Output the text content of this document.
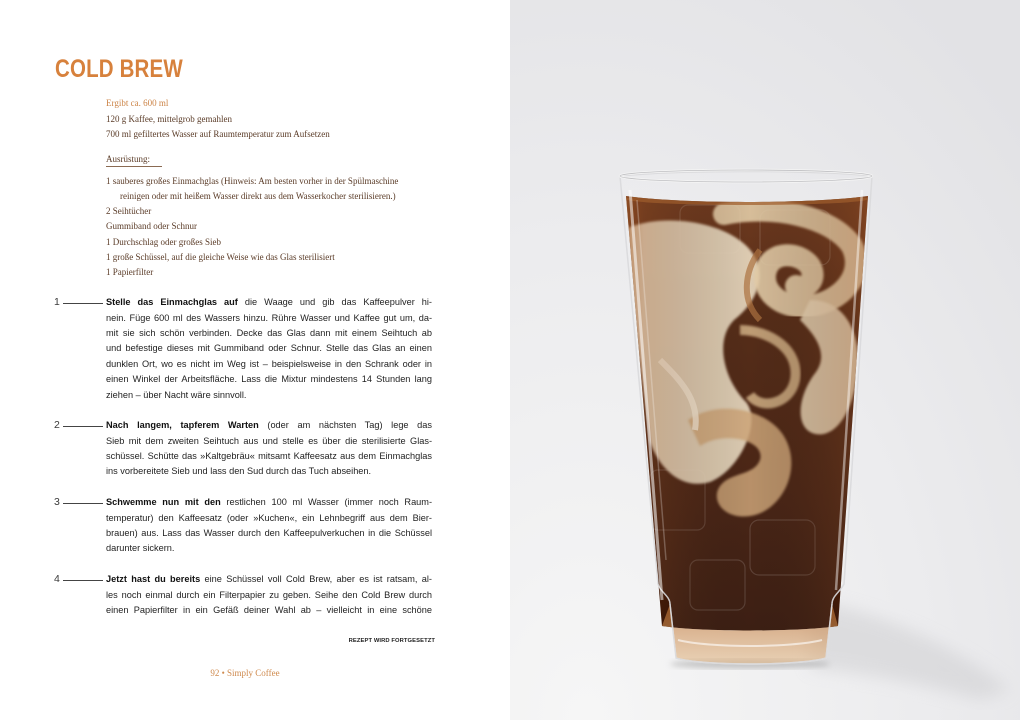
COLD BREW
Ergibt ca. 600 ml
120 g Kaffee, mittelgrob gemahlen
700 ml gefiltertes Wasser auf Raumtemperatur zum Aufsetzen
Ausrüstung:
1 sauberes großes Einmachglas (Hinweis: Am besten vorher in der Spülmaschine
reinigen oder mit heißem Wasser direkt aus dem Wasserkocher sterilisieren.)
2 Seihtücher
Gummiband oder Schnur
1 Durchschlag oder großes Sieb
1 große Schüssel, auf die gleiche Weise wie das Glas sterilisiert
1 Papierfilter
1	Stelle das Einmachglas auf die Waage und gib das Kaffeepulver hi-
nein. Füge 600 ml des Wassers hinzu. Rühre Wasser und Kaffee gut um, da-
mit sie sich schön verbinden. Decke das Glas dann mit einem Seihtuch ab
und befestige dieses mit Gummiband oder Schnur. Stelle das Glas an einen
dunklen Ort, wo es nicht im Weg ist – beispielsweise in den Schrank oder in
einen Winkel der Arbeitsfläche. Lass die Mixtur mindestens 14 Stunden lang
ziehen – über Nacht wäre sinnvoll.
2	Nach langem, tapferem Warten (oder am nächsten Tag) lege das
Sieb mit dem zweiten Seihtuch aus und stelle es über die sterilisierte Glas-
schüssel. Schütte das »Kaltgebräu« mitsamt Kaffeesatz aus dem Einmachglas
ins vorbereitete Sieb und lass den Sud durch das Tuch abseihen.
3	Schwemme nun mit den restlichen 100 ml Wasser (immer noch Raum-
temperatur) den Kaffeesatz (oder »Kuchen«, ein Lehnbegriff aus dem Bier-
brauen) aus. Lass das Wasser durch den Kaffeepulverkuchen in die Schüssel
darunter sickern.
4	Jetzt hast du bereits eine Schüssel voll Cold Brew, aber es ist ratsam, al-
les noch einmal durch ein Filterpapier zu geben. Seihe den Cold Brew durch
einen Papierfilter in ein Gefäß deiner Wahl ab – vielleicht in eine schöne
REZEPT WIRD FORTGESETZT
92 • Simply Coffee
